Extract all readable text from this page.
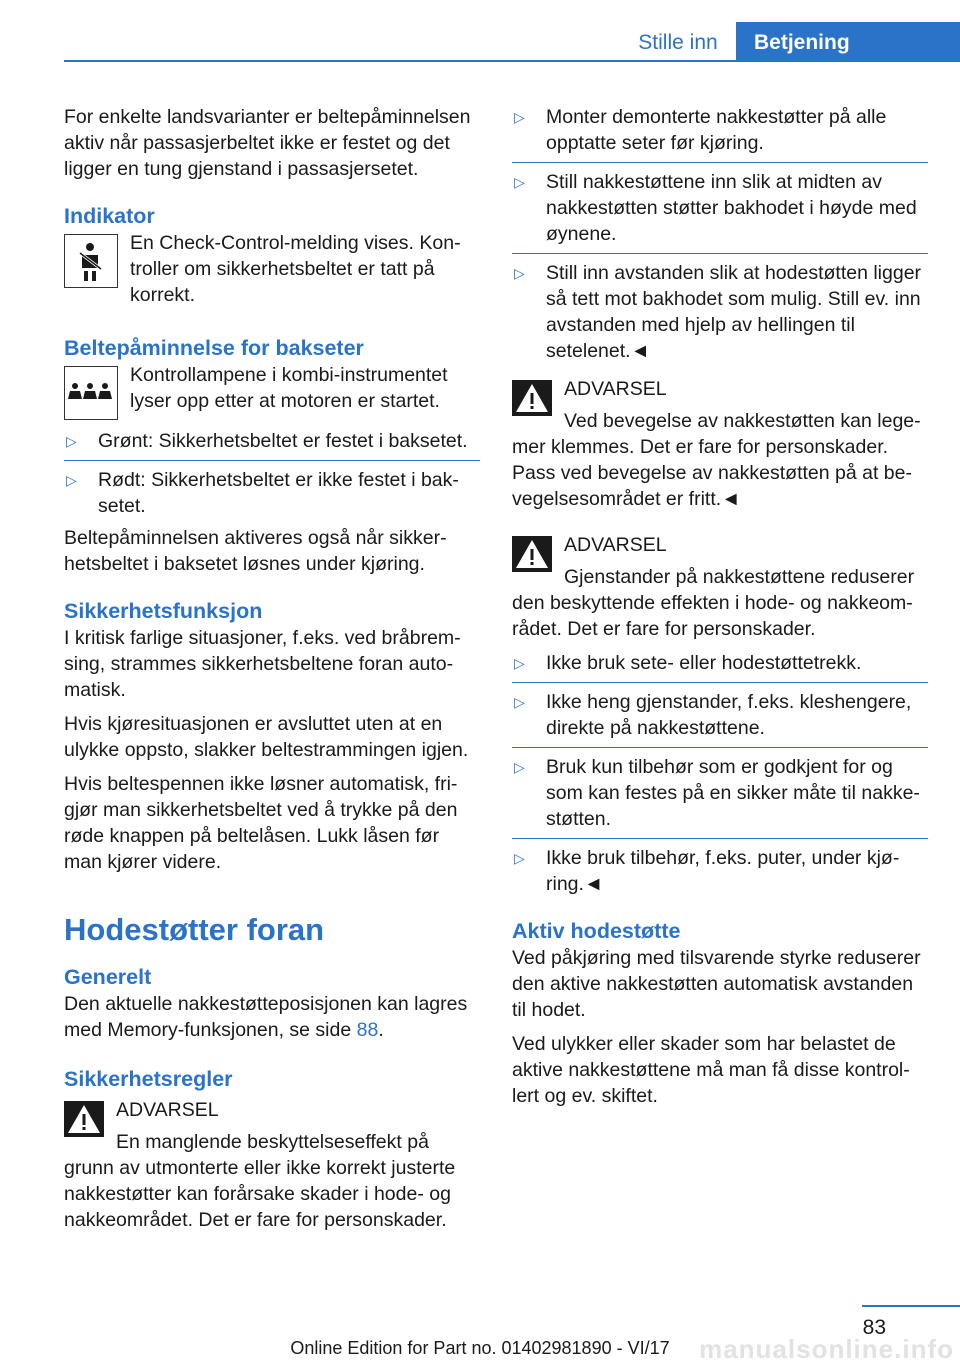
Stille inn	Betjening

For enkelte landsvarianter er beltepåminnelsen aktiv når passasjerbeltet ikke er festet og det ligger en tung gjenstand i passasjersetet.

Indikator

En Check-Control-melding vises. Kontroller om sikkerhetsbeltet er tatt på korrekt.

Beltepåminnelse for bakseter

Kontrollampene i kombi-instrumentet lyser opp etter at motoren er startet.

▷ Grønt: Sikkerhetsbeltet er festet i baksetet.

▷ Rødt: Sikkerhetsbeltet er ikke festet i baksetet.

Beltepåminnelsen aktiveres også når sikkerhetsbeltet i baksetet løsnes under kjøring.

Sikkerhetsfunksjon

I kritisk farlige situasjoner, f.eks. ved bråbremsing, strammes sikkerhetsbeltene foran automatisk.

Hvis kjøresituasjonen er avsluttet uten at en ulykke oppsto, slakker beltestrammingen igjen.

Hvis beltespennen ikke løsner automatisk, frigjør man sikkerhetsbeltet ved å trykke på den røde knappen på beltelåsen. Lukk låsen før man kjører videre.

Hodestøtter foran
Generelt

Den aktuelle nakkestøtteposisjonen kan lagres med Memory-funksjonen, se side 88.

Sikkerhetsregler

ADVARSEL

En manglende beskyttelseseffekt på grunn av utmonterte eller ikke korrekt justerte nakkestøtter kan forårsake skader i hode- og nakkeområdet. Det er fare for personskader.

▷ Monter demonterte nakkestøtter på alle opptatte seter før kjøring.

▷ Still nakkestøttene inn slik at midten av nakkestøtten støtter bakhodet i høyde med øynene.

▷ Still inn avstanden slik at hodestøtten ligger så tett mot bakhodet som mulig. Still ev. inn avstanden med hjelp av hellingen til setelenet.◄

ADVARSEL

Ved bevegelse av nakkestøtten kan legemer klemmes. Det er fare for personskader. Pass ved bevegelse av nakkestøtten på at bevegelsesområdet er fritt.◄

ADVARSEL

Gjenstander på nakkestøttene reduserer den beskyttende effekten i hode- og nakkeområdet. Det er fare for personskader.

▷ Ikke bruk sete- eller hodestøttetrekk.

▷ Ikke heng gjenstander, f.eks. kleshengere, direkte på nakkestøttene.

▷ Bruk kun tilbehør som er godkjent for og som kan festes på en sikker måte til nakkestøtten.

▷ Ikke bruk tilbehør, f.eks. puter, under kjøring.◄

Aktiv hodestøtte

Ved påkjøring med tilsvarende styrke reduserer den aktive nakkestøtten automatisk avstanden til hodet.

Ved ulykker eller skader som har belastet de aktive nakkestøttene må man få disse kontrollert og ev. skiftet.

83
manualsonline.info
Online Edition for Part no. 01402981890 - VI/17
